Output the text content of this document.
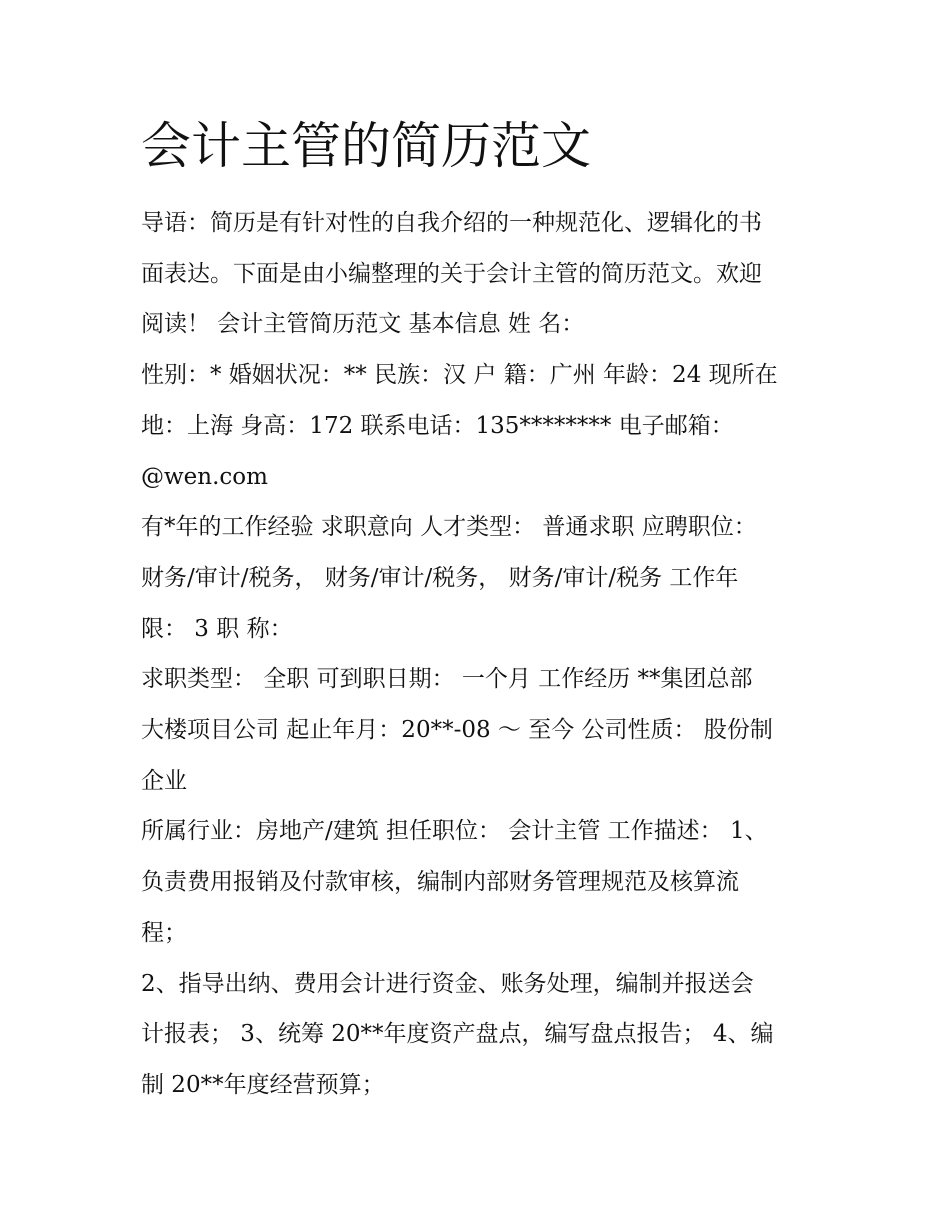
会计主管的简历范文

导语：简历是有针对性的自我介绍的一种规范化、逻辑化的书
面表达。下面是由小编整理的关于会计主管的简历范文。欢迎
阅读！ 会计主管简历范文 基本信息 姓 名：

性别：* 婚姻状况：** 民族：汉 户 籍：广州 年龄：24 现所在
地：上海 身高：172 联系电话：135******** 电子邮箱：
@wen.com

有*年的工作经验 求职意向 人才类型： 普通求职 应聘职位：
财务/审计/税务， 财务/审计/税务， 财务/审计/税务 工作年
限： 3 职 称：

求职类型： 全职 可到职日期： 一个月 工作经历 **集团总部
大楼项目公司 起止年月：20**-08 ～ 至今 公司性质： 股份制
企业

所属行业：房地产/建筑 担任职位： 会计主管 工作描述： 1、
负责费用报销及付款审核，编制内部财务管理规范及核算流
程；

2、指导出纳、费用会计进行资金、账务处理，编制并报送会
计报表； 3、统筹 20**年度资产盘点，编写盘点报告； 4、编
制 20**年度经营预算；
